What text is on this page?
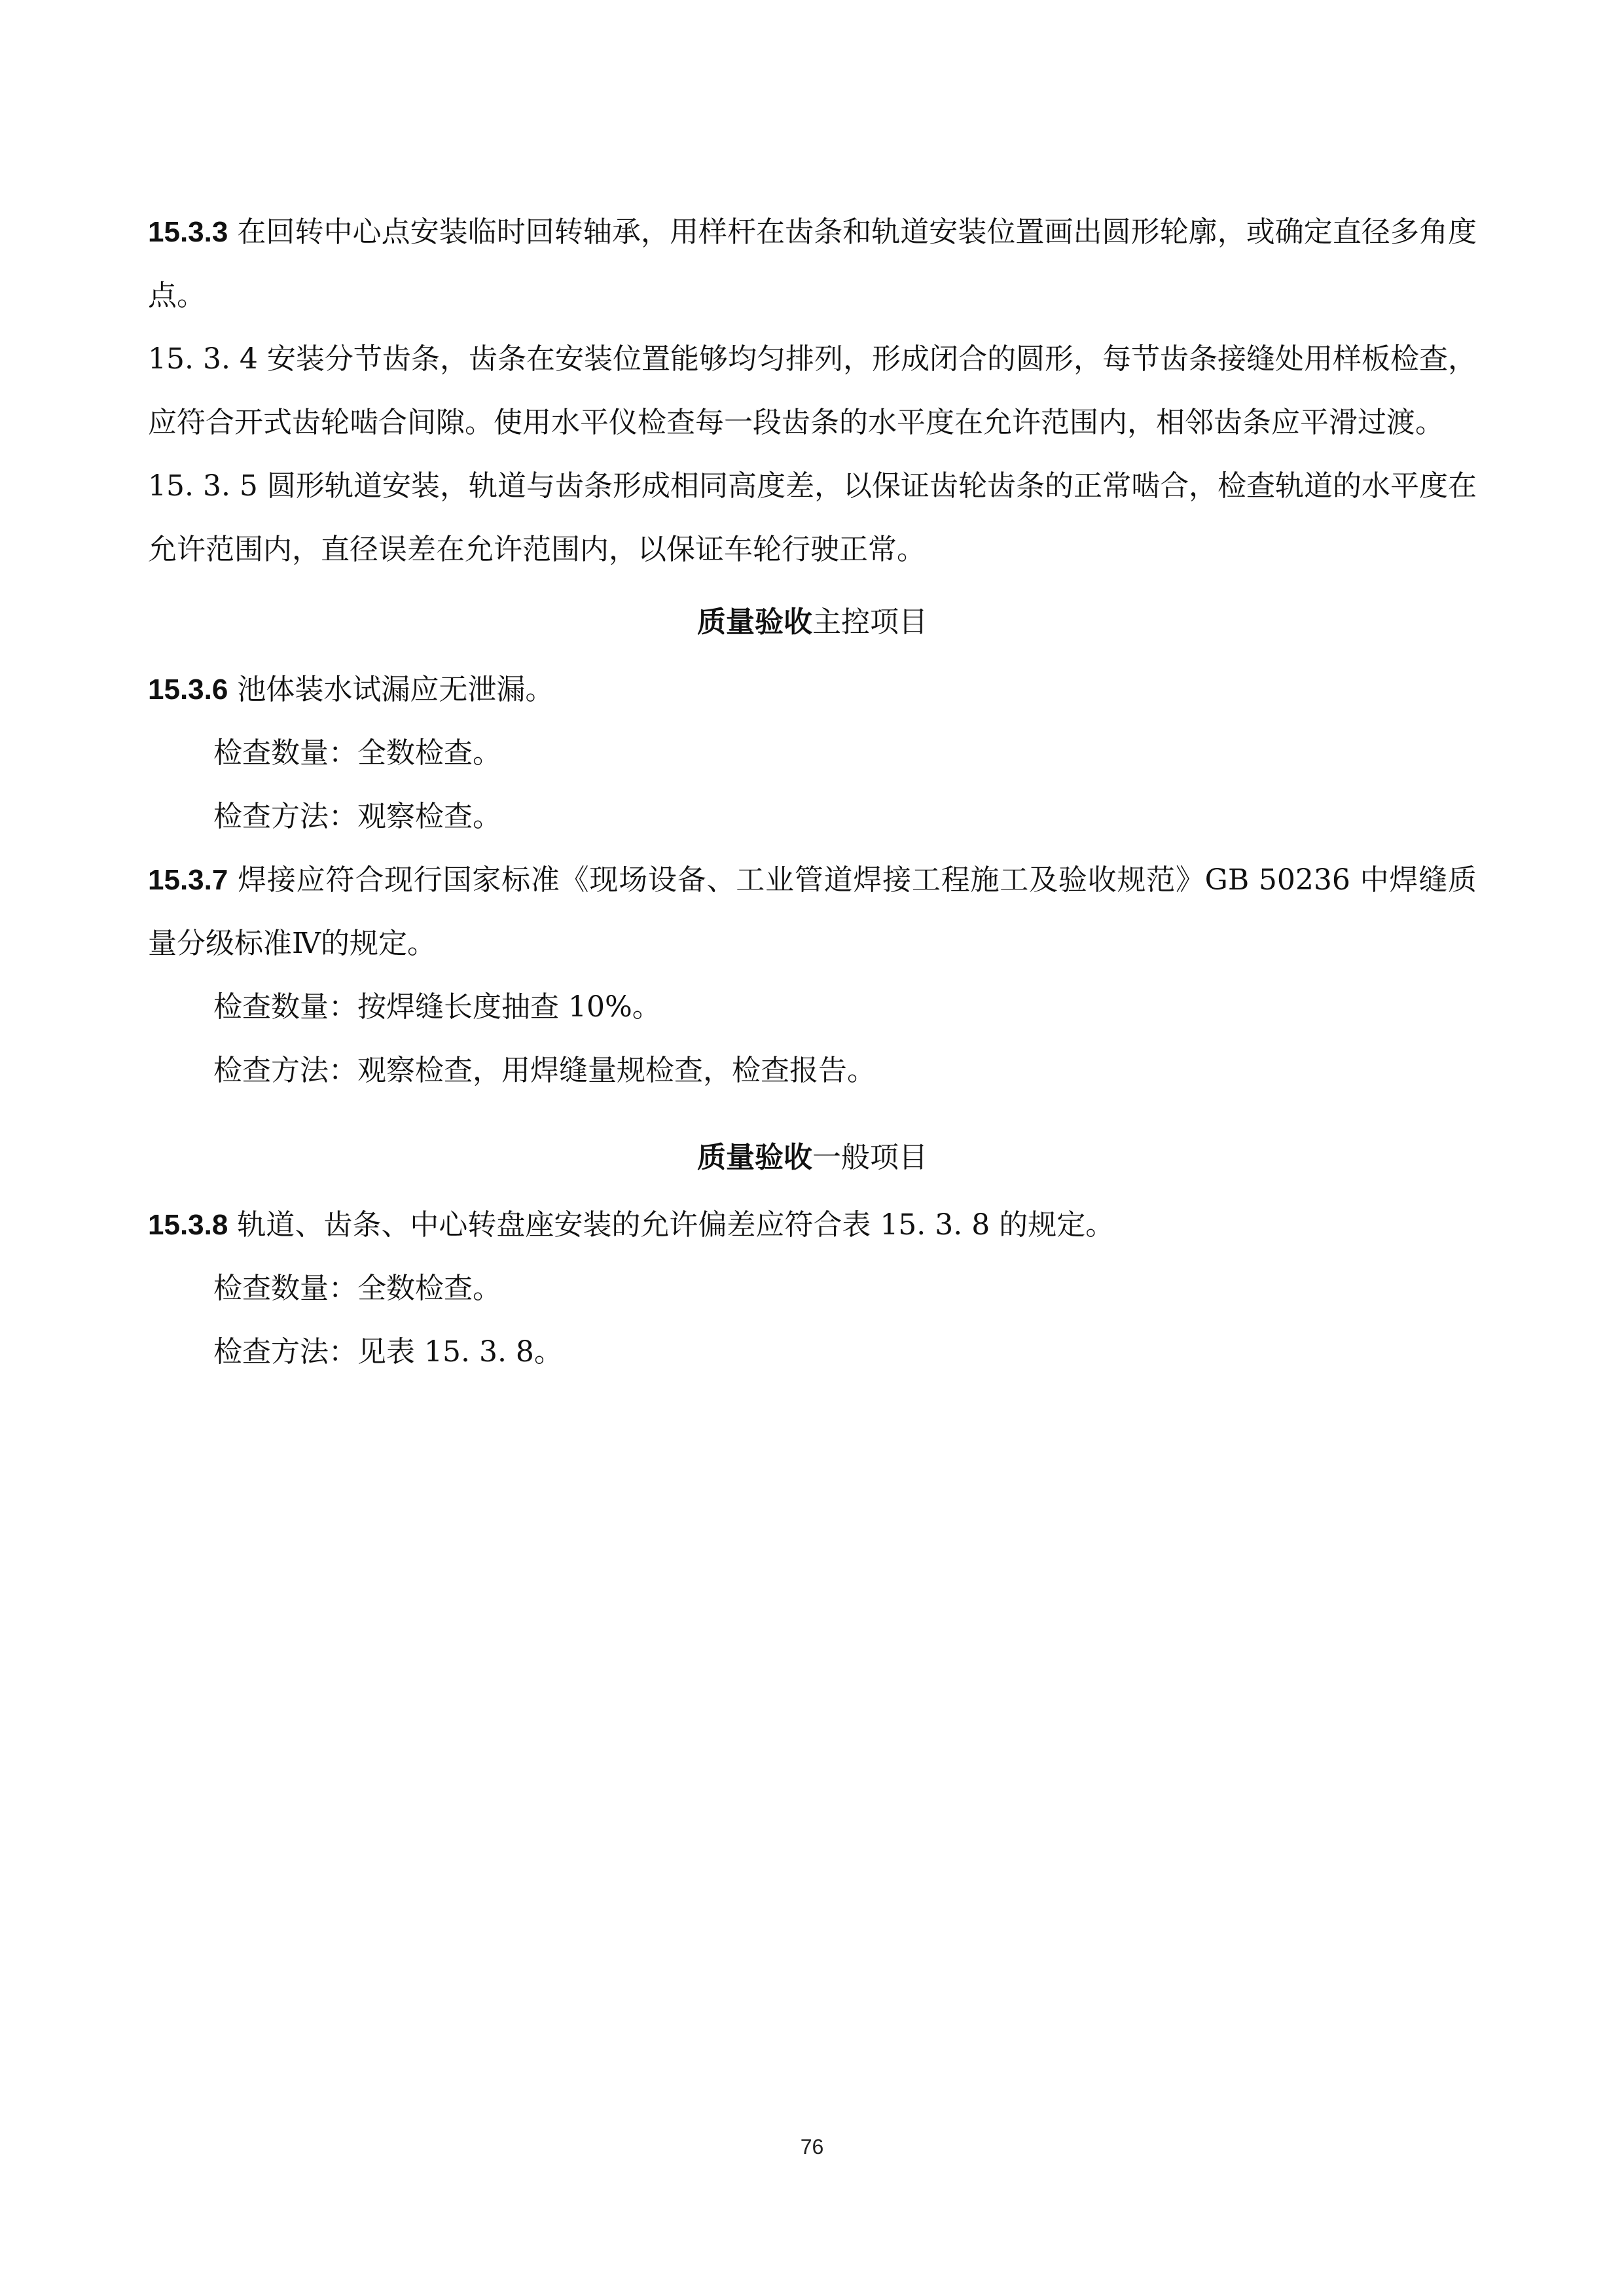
15.3.3 在回转中心点安装临时回转轴承，用样杆在齿条和轨道安装位置画出圆形轮廓，或确定直径多角度点。

15. 3. 4 安装分节齿条，齿条在安装位置能够均匀排列，形成闭合的圆形，每节齿条接缝处用样板检查，应符合开式齿轮啮合间隙。使用水平仪检查每一段齿条的水平度在允许范围内，相邻齿条应平滑过渡。

15. 3. 5 圆形轨道安装，轨道与齿条形成相同高度差，以保证齿轮齿条的正常啮合，检查轨道的水平度在允许范围内，直径误差在允许范围内，以保证车轮行驶正常。

质量验收主控项目

15.3.6 池体装水试漏应无泄漏。

检查数量：全数检查。

检查方法：观察检查。

15.3.7 焊接应符合现行国家标准《现场设备、工业管道焊接工程施工及验收规范》GB 50236 中焊缝质量分级标准Ⅳ的规定。

检查数量：按焊缝长度抽查 10%。

检查方法：观察检查，用焊缝量规检查，检查报告。

质量验收一般项目

15.3.8 轨道、齿条、中心转盘座安装的允许偏差应符合表 15. 3. 8 的规定。

检查数量：全数检查。

检查方法：见表 15. 3. 8。

76
